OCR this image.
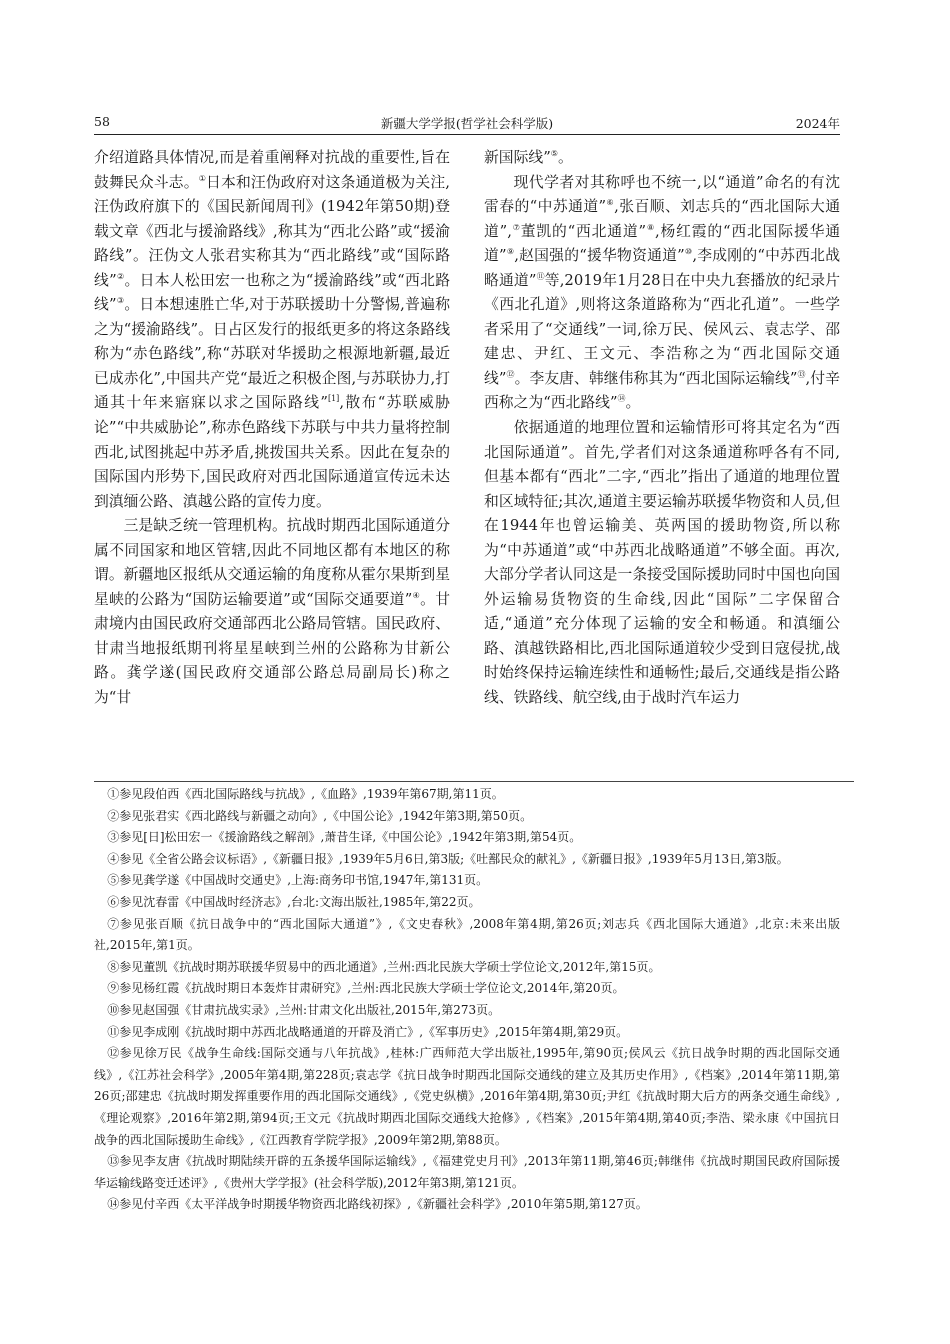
58	新疆大学学报(哲学社会科学版)	2024年

介绍道路具体情况,而是着重阐释对抗战的重要性,旨在鼓舞民众斗志。①日本和汪伪政府对这条通道极为关注,汪伪政府旗下的《国民新闻周刊》(1942年第50期)登载文章《西北与援渝路线》,称其为“西北公路”或“援渝路线”。汪伪文人张君实称其为“西北路线”或“国际路线”②。日本人松田宏一也称之为“援渝路线”或“西北路线”③。日本想速胜亡华,对于苏联援助十分警惕,普遍称之为“援渝路线”。日占区发行的报纸更多的将这条路线称为“赤色路线”,称“苏联对华援助之根源地新疆,最近已成赤化”,中国共产党“最近之积极企图,与苏联协力,打通其十年来寤寐以求之国际路线”[1],散布“苏联威胁论”“中共威胁论”,称赤色路线下苏联与中共力量将控制西北,试图挑起中苏矛盾,挑拨国共关系。因此在复杂的国际国内形势下,国民政府对西北国际通道宣传远未达到滇缅公路、滇越公路的宣传力度。

三是缺乏统一管理机构。抗战时期西北国际通道分属不同国家和地区管辖,因此不同地区都有本地区的称谓。新疆地区报纸从交通运输的角度称从霍尔果斯到星星峡的公路为“国防运输要道”或“国际交通要道”④。甘肃境内由国民政府交通部西北公路局管辖。国民政府、甘肃当地报纸期刊将星星峡到兰州的公路称为甘新公路。龚学遂(国民政府交通部公路总局副局长)称之为“甘

新国际线”⑤。

现代学者对其称呼也不统一,以“通道”命名的有沈雷春的“中苏通道”⑥,张百顺、刘志兵的“西北国际大通道”,⑦董凯的“西北通道”⑧,杨红霞的“西北国际援华通道”⑨,赵国强的“援华物资通道”⑩,李成刚的“中苏西北战略通道”⑪等,2019年1月28日在中央九套播放的纪录片《西北孔道》,则将这条道路称为“西北孔道”。一些学者采用了“交通线”一词,徐万民、侯风云、袁志学、邵建忠、尹红、王文元、李浩称之为“西北国际交通线”⑫。李友唐、韩继伟称其为“西北国际运输线”⑬,付辛西称之为“西北路线”⑭。

依据通道的地理位置和运输情形可将其定名为“西北国际通道”。首先,学者们对这条通道称呼各有不同,但基本都有“西北”二字,“西北”指出了通道的地理位置和区域特征;其次,通道主要运输苏联援华物资和人员,但在1944年也曾运输美、英两国的援助物资,所以称为“中苏通道”或“中苏西北战略通道”不够全面。再次,大部分学者认同这是一条接受国际援助同时中国也向国外运输易货物资的生命线,因此“国际”二字保留合适,“通道”充分体现了运输的安全和畅通。和滇缅公路、滇越铁路相比,西北国际通道较少受到日寇侵扰,战时始终保持运输连续性和通畅性;最后,交通线是指公路线、铁路线、航空线,由于战时汽车运力

①参见段伯西《西北国际路线与抗战》,《血路》,1939年第67期,第11页。

②参见张君实《西北路线与新疆之动向》,《中国公论》,1942年第3期,第50页。

③参见[日]松田宏一《援渝路线之解剖》,萧昔生译,《中国公论》,1942年第3期,第54页。

④参见《全省公路会议标语》,《新疆日报》,1939年5月6日,第3版;《吐鄯民众的献礼》,《新疆日报》,1939年5月13日,第3版。

⑤参见龚学遂《中国战时交通史》,上海:商务印书馆,1947年,第131页。

⑥参见沈春雷《中国战时经济志》,台北:文海出版社,1985年,第22页。

⑦参见张百顺《抗日战争中的“西北国际大通道”》,《文史春秋》,2008年第4期,第26页;刘志兵《西北国际大通道》,北京:未来出版社,2015年,第1页。

⑧参见董凯《抗战时期苏联援华贸易中的西北通道》,兰州:西北民族大学硕士学位论文,2012年,第15页。

⑨参见杨红霞《抗战时期日本轰炸甘肃研究》,兰州:西北民族大学硕士学位论文,2014年,第20页。

⑩参见赵国强《甘肃抗战实录》,兰州:甘肃文化出版社,2015年,第273页。

⑪参见李成刚《抗战时期中苏西北战略通道的开辟及消亡》,《军事历史》,2015年第4期,第29页。

⑫参见徐万民《战争生命线:国际交通与八年抗战》,桂林:广西师范大学出版社,1995年,第90页;侯风云《抗日战争时期的西北国际交通线》,《江苏社会科学》,2005年第4期,第228页;袁志学《抗日战争时期西北国际交通线的建立及其历史作用》,《档案》,2014年第11期,第26页;邵建忠《抗战时期发挥重要作用的西北国际交通线》,《党史纵横》,2016年第4期,第30页;尹红《抗战时期大后方的两条交通生命线》,《理论观察》,2016年第2期,第94页;王文元《抗战时期西北国际交通线大抢修》,《档案》,2015年第4期,第40页;李浩、梁永康《中国抗日战争的西北国际援助生命线》,《江西教育学院学报》,2009年第2期,第88页。

⑬参见李友唐《抗战时期陆续开辟的五条援华国际运输线》,《福建党史月刊》,2013年第11期,第46页;韩继伟《抗战时期国民政府国际援华运输线路变迁述评》,《贵州大学学报》(社会科学版),2012年第3期,第121页。

⑭参见付辛西《太平洋战争时期援华物资西北路线初探》,《新疆社会科学》,2010年第5期,第127页。
